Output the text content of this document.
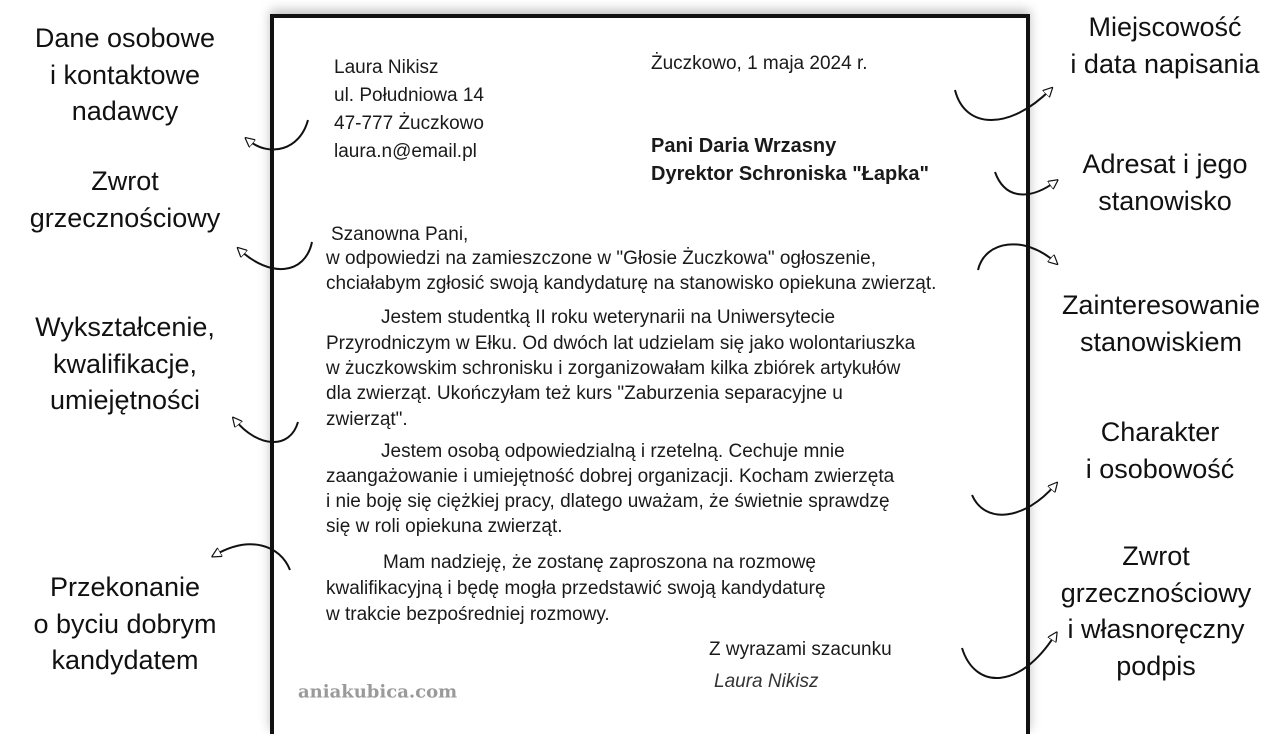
Laura Nikisz
ul. Południowa 14
47-777 Żuczkowo
laura.n@email.pl
Żuczkowo, 1 maja 2024 r.
Pani Daria Wrzasny
Dyrektor Schroniska "Łapka"
Szanowna Pani,
w odpowiedzi na zamieszczone w "Głosie Żuczkowa" ogłoszenie,
chciałabym zgłosić swoją kandydaturę na stanowisko opiekuna zwierząt.
Jestem studentką II roku weterynarii na Uniwersytecie
Przyrodniczym w Ełku. Od dwóch lat udzielam się jako wolontariuszka
w żuczkowskim schronisku i zorganizowałam kilka zbiórek artykułów
dla zwierząt. Ukończyłam też kurs "Zaburzenia separacyjne u
zwierząt".
Jestem osobą odpowiedzialną i rzetelną. Cechuje mnie
zaangażowanie i umiejętność dobrej organizacji. Kocham zwierzęta
i nie boję się ciężkiej pracy, dlatego uważam, że świetnie sprawdzę
się w roli opiekuna zwierząt.
Mam nadzieję, że zostanę zaproszona na rozmowę
kwalifikacyjną i będę mogła przedstawić swoją kandydaturę
w trakcie bezpośredniej rozmowy.
Z wyrazami szacunku
Laura Nikisz
aniakubica.com
Dane osobowe
i kontaktowe
nadawcy
Zwrot
grzecznościowy
Wykształcenie,
kwalifikacje,
umiejętności
Przekonanie
o byciu dobrym
kandydatem
Miejscowość
i data napisania
Adresat i jego
stanowisko
Zainteresowanie
stanowiskiem
Charakter
i osobowość
Zwrot
grzecznościowy
i własnoręczny
podpis
